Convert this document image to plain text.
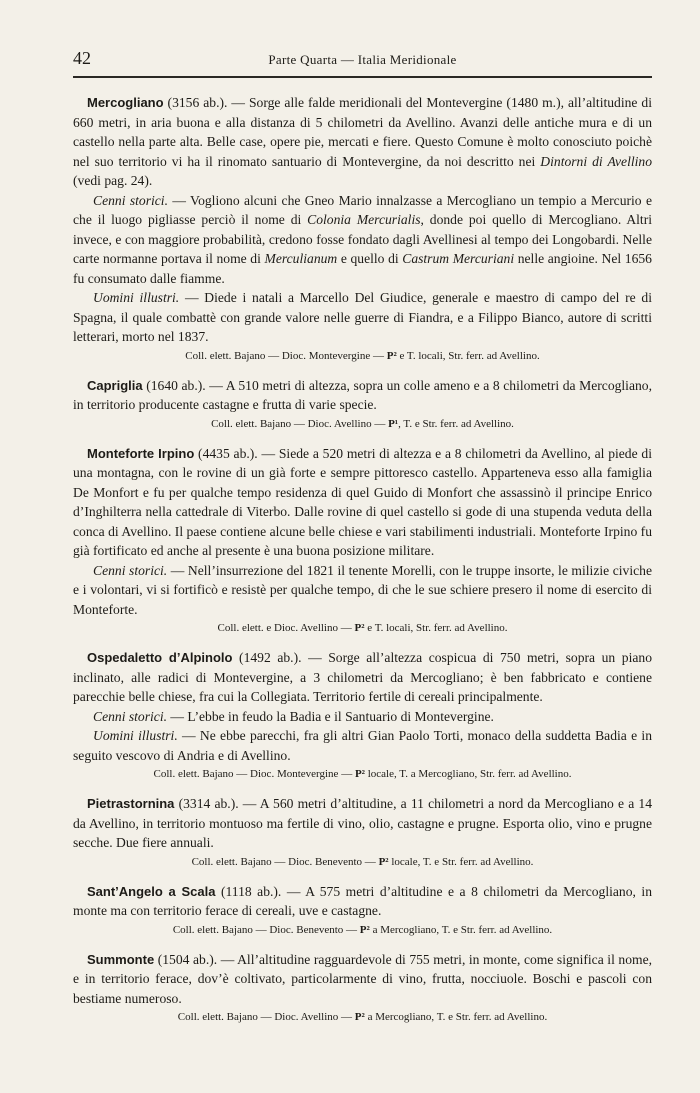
42	Parte Quarta — Italia Meridionale

Mercogliano (3156 ab.). — Sorge alle falde meridionali del Montevergine (1480 m.), all’altitudine di 660 metri, in aria buona e alla distanza di 5 chilometri da Avellino. Avanzi delle antiche mura e di un castello nella parte alta. Belle case, opere pie, mercati e fiere. Questo Comune è molto conosciuto poichè nel suo territorio vi ha il rinomato santuario di Montevergine, da noi descritto nei Dintorni di Avellino (vedi pag. 24).

Cenni storici. — Vogliono alcuni che Gneo Mario innalzasse a Mercogliano un tempio a Mercurio e che il luogo pigliasse perciò il nome di Colonia Mercurialis, donde poi quello di Mercogliano. Altri invece, e con maggiore probabilità, credono fosse fondato dagli Avellinesi al tempo dei Longobardi. Nelle carte normanne portava il nome di Merculianum e quello di Castrum Mercuriani nelle angioine. Nel 1656 fu consumato dalle fiamme.

Uomini illustri. — Diede i natali a Marcello Del Giudice, generale e maestro di campo del re di Spagna, il quale combattè con grande valore nelle guerre di Fiandra, e a Filippo Bianco, autore di scritti letterari, morto nel 1837.

Coll. elett. Bajano — Dioc. Montevergine — P² e T. locali, Str. ferr. ad Avellino.

Capriglia (1640 ab.). — A 510 metri di altezza, sopra un colle ameno e a 8 chilometri da Mercogliano, in territorio producente castagne e frutta di varie specie.

Coll. elett. Bajano — Dioc. Avellino — P¹, T. e Str. ferr. ad Avellino.

Monteforte Irpino (4435 ab.). — Siede a 520 metri di altezza e a 8 chilometri da Avellino, al piede di una montagna, con le rovine di un già forte e sempre pittoresco castello. Apparteneva esso alla famiglia De Monfort e fu per qualche tempo residenza di quel Guido di Monfort che assassinò il principe Enrico d’Inghilterra nella cattedrale di Viterbo. Dalle rovine di quel castello si gode di una stupenda veduta della conca di Avellino. Il paese contiene alcune belle chiese e vari stabilimenti industriali. Monteforte Irpino fu già fortificato ed anche al presente è una buona posizione militare.

Cenni storici. — Nell’insurrezione del 1821 il tenente Morelli, con le truppe insorte, le milizie civiche e i volontari, vi si fortificò e resistè per qualche tempo, di che le sue schiere presero il nome di esercito di Monteforte.

Coll. elett. e Dioc. Avellino — P² e T. locali, Str. ferr. ad Avellino.

Ospedaletto d’Alpinolo (1492 ab.). — Sorge all’altezza cospicua di 750 metri, sopra un piano inclinato, alle radici di Montevergine, a 3 chilometri da Mercogliano; è ben fabbricato e contiene parecchie belle chiese, fra cui la Collegiata. Territorio fertile di cereali principalmente.

Cenni storici. — L’ebbe in feudo la Badia e il Santuario di Montevergine.

Uomini illustri. — Ne ebbe parecchi, fra gli altri Gian Paolo Torti, monaco della suddetta Badia e in seguito vescovo di Andria e di Avellino.

Coll. elett. Bajano — Dioc. Montevergine — P² locale, T. a Mercogliano, Str. ferr. ad Avellino.

Pietrastornina (3314 ab.). — A 560 metri d’altitudine, a 11 chilometri a nord da Mercogliano e a 14 da Avellino, in territorio montuoso ma fertile di vino, olio, castagne e prugne. Esporta olio, vino e prugne secche. Due fiere annuali.

Coll. elett. Bajano — Dioc. Benevento — P² locale, T. e Str. ferr. ad Avellino.

Sant’Angelo a Scala (1118 ab.). — A 575 metri d’altitudine e a 8 chilometri da Mercogliano, in monte ma con territorio ferace di cereali, uve e castagne.

Coll. elett. Bajano — Dioc. Benevento — P² a Mercogliano, T. e Str. ferr. ad Avellino.

Summonte (1504 ab.). — All’altitudine ragguardevole di 755 metri, in monte, come significa il nome, e in territorio ferace, dov’è coltivato, particolarmente di vino, frutta, nocciuole. Boschi e pascoli con bestiame numeroso.

Coll. elett. Bajano — Dioc. Avellino — P² a Mercogliano, T. e Str. ferr. ad Avellino.
